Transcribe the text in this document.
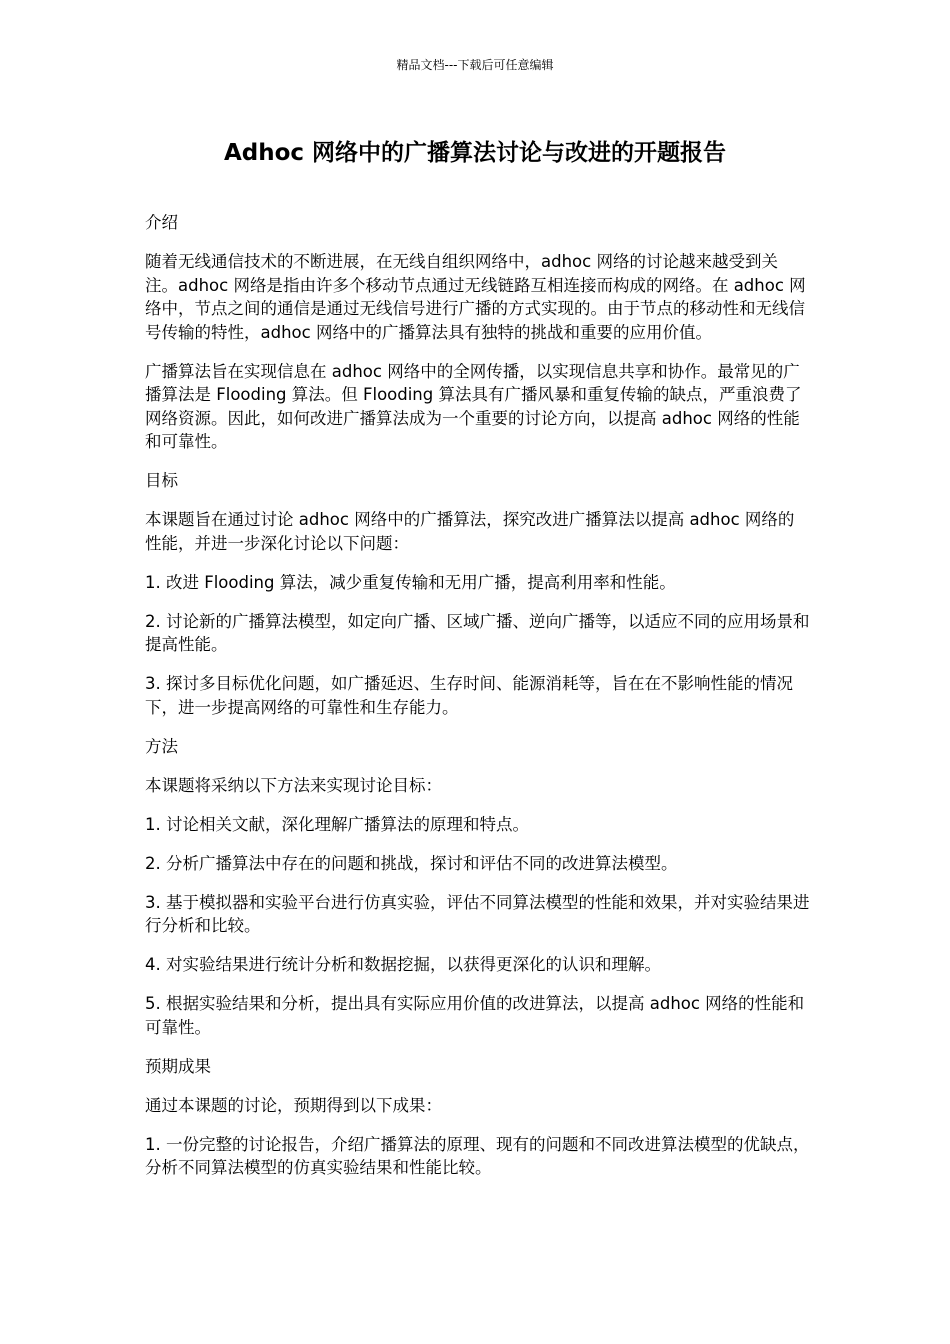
精品文档---下载后可任意编辑
Adhoc 网络中的广播算法讨论与改进的开题报告

介绍

随着无线通信技术的不断进展，在无线自组织网络中，adhoc 网络的讨论越来越受到关注。adhoc 网络是指由许多个移动节点通过无线链路互相连接而构成的网络。在 adhoc 网络中，节点之间的通信是通过无线信号进行广播的方式实现的。由于节点的移动性和无线信号传输的特性，adhoc 网络中的广播算法具有独特的挑战和重要的应用价值。

广播算法旨在实现信息在 adhoc 网络中的全网传播，以实现信息共享和协作。最常见的广播算法是 Flooding 算法。但 Flooding 算法具有广播风暴和重复传输的缺点，严重浪费了网络资源。因此，如何改进广播算法成为一个重要的讨论方向，以提高 adhoc 网络的性能和可靠性。

目标

本课题旨在通过讨论 adhoc 网络中的广播算法，探究改进广播算法以提高 adhoc 网络的性能，并进一步深化讨论以下问题：

1. 改进 Flooding 算法，减少重复传输和无用广播，提高利用率和性能。

2. 讨论新的广播算法模型，如定向广播、区域广播、逆向广播等，以适应不同的应用场景和提高性能。

3. 探讨多目标优化问题，如广播延迟、生存时间、能源消耗等，旨在在不影响性能的情况下，进一步提高网络的可靠性和生存能力。

方法

本课题将采纳以下方法来实现讨论目标：

1. 讨论相关文献，深化理解广播算法的原理和特点。

2. 分析广播算法中存在的问题和挑战，探讨和评估不同的改进算法模型。

3. 基于模拟器和实验平台进行仿真实验，评估不同算法模型的性能和效果，并对实验结果进行分析和比较。

4. 对实验结果进行统计分析和数据挖掘，以获得更深化的认识和理解。

5. 根据实验结果和分析，提出具有实际应用价值的改进算法，以提高 adhoc 网络的性能和可靠性。

预期成果

通过本课题的讨论，预期得到以下成果：

1. 一份完整的讨论报告，介绍广播算法的原理、现有的问题和不同改进算法模型的优缺点，分析不同算法模型的仿真实验结果和性能比较。
